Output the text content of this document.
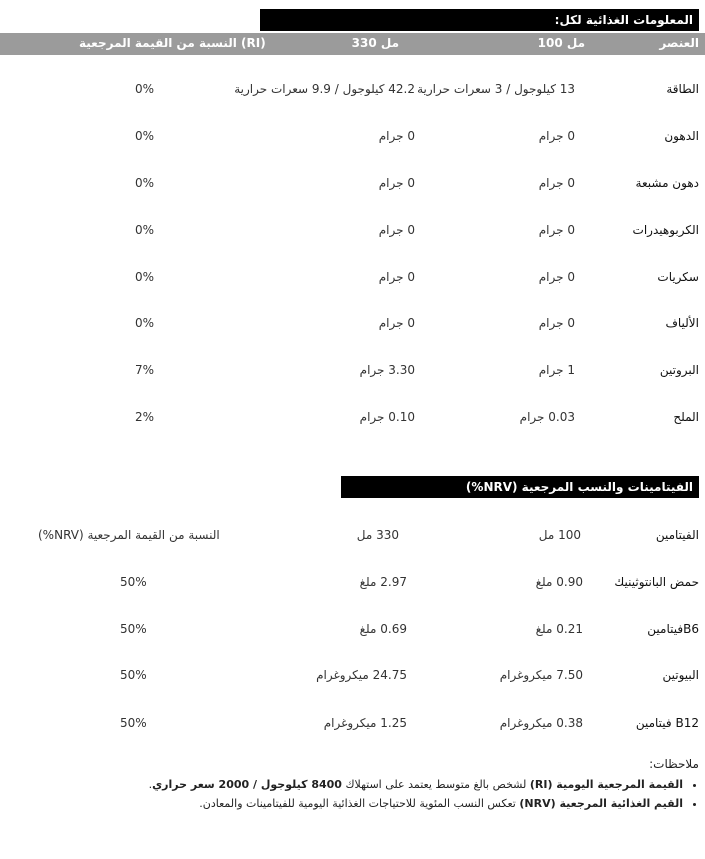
المعلومات الغذائية لكل:
العنصر
100 مل
330 مل
النسبة من القيمة المرجعية (RI)
الطاقة
13 كيلوجول / 3 سعرات حرارية
42.2 كيلوجول / 9.9 سعرات حرارية
0%
الدهون
0 جرام
0 جرام
0%
دهون مشبعة
0 جرام
0 جرام
0%
الكربوهيدرات
0 جرام
0 جرام
0%
سكريات
0 جرام
0 جرام
0%
الألياف
0 جرام
0 جرام
0%
البروتين
1 جرام
3.30 جرام
7%
الملح
0.03 جرام
0.10 جرام
2%
الفيتامينات والنسب المرجعية (NRV%)
الفيتامين
100 مل
330 مل
النسبة من القيمة المرجعية (NRV%)
حمض البانتوثينيك
0.90 ملغ
2.97 ملغ
50%
B6فيتامين
0.21 ملغ
0.69 ملغ
50%
البيوتين
7.50 ميكروغرام
24.75 ميكروغرام
50%
B12 فيتامين
0.38 ميكروغرام
1.25 ميكروغرام
50%
ملاحظات:
• القيمة المرجعية اليومية (RI) لشخص بالغ متوسط يعتمد على استهلاك 8400 كيلوجول / 2000 سعر حراري.
• القيم الغذائية المرجعية (NRV) تعكس النسب المئوية للاحتياجات الغذائية اليومية للفيتامينات والمعادن.
